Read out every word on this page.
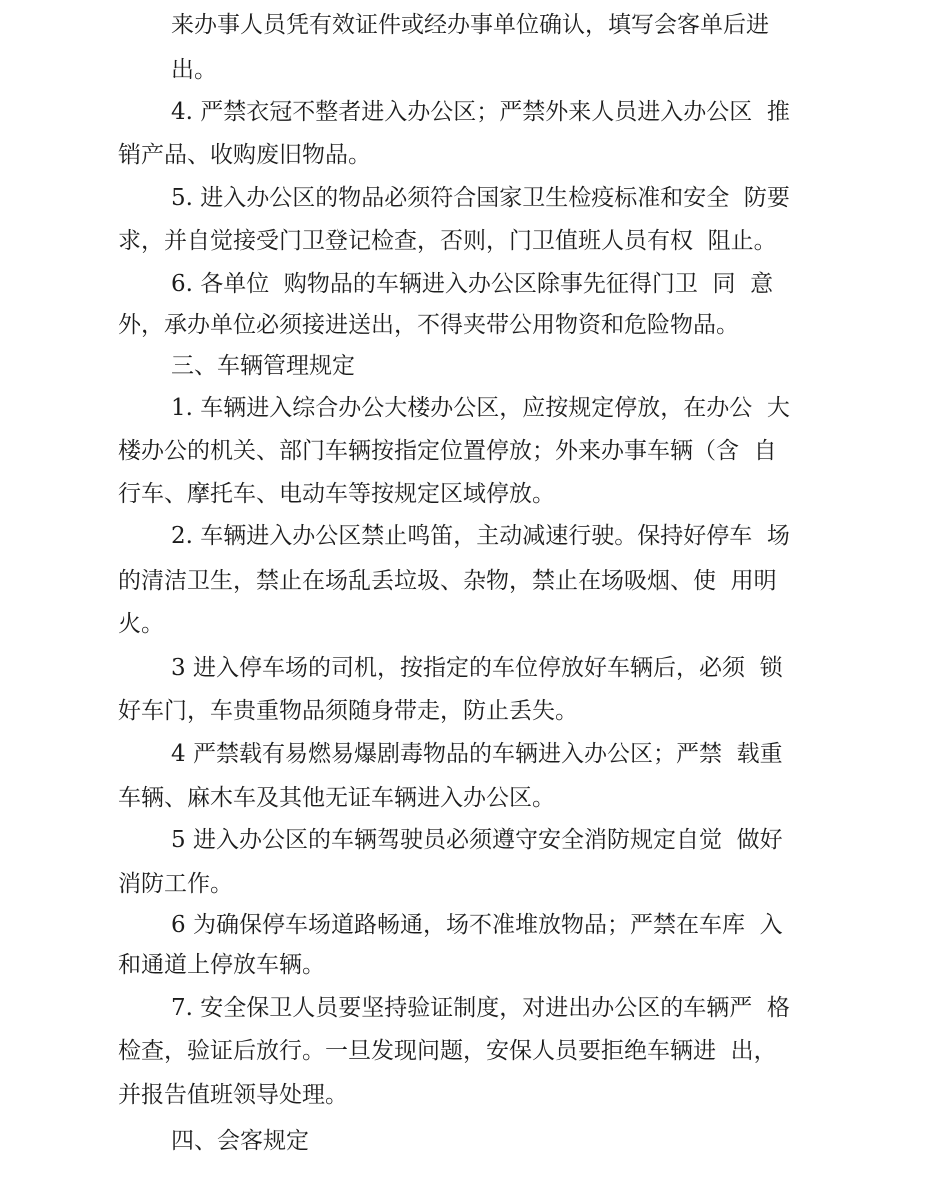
来办事人员凭有效证件或经办事单位确认，填写会客单后进
出。
4. 严禁衣冠不整者进入办公区；严禁外来人员进入办公区  推
销产品、收购废旧物品。
5. 进入办公区的物品必须符合国家卫生检疫标准和安全  防要
求，并自觉接受门卫登记检查，否则，门卫值班人员有权  阻止。
6. 各单位  购物品的车辆进入办公区除事先征得门卫  同  意
外，承办单位必须接进送出，不得夹带公用物资和危险物品。
三、车辆管理规定
1. 车辆进入综合办公大楼办公区，应按规定停放，在办公  大
楼办公的机关、部门车辆按指定位置停放；外来办事车辆（含  自
行车、摩托车、电动车等按规定区域停放。
2. 车辆进入办公区禁止鸣笛，主动减速行驶。保持好停车  场
的清洁卫生，禁止在场乱丢垃圾、杂物，禁止在场吸烟、使  用明
火。
3 进入停车场的司机，按指定的车位停放好车辆后，必须  锁
好车门，车贵重物品须随身带走，防止丢失。
4 严禁载有易燃易爆剧毒物品的车辆进入办公区；严禁  载重
车辆、麻木车及其他无证车辆进入办公区。
5 进入办公区的车辆驾驶员必须遵守安全消防规定自觉  做好
消防工作。
6 为确保停车场道路畅通，场不准堆放物品；严禁在车库  入
和通道上停放车辆。
7. 安全保卫人员要坚持验证制度，对进出办公区的车辆严  格
检查，验证后放行。一旦发现问题，安保人员要拒绝车辆进  出，
并报告值班领导处理。
四、会客规定
